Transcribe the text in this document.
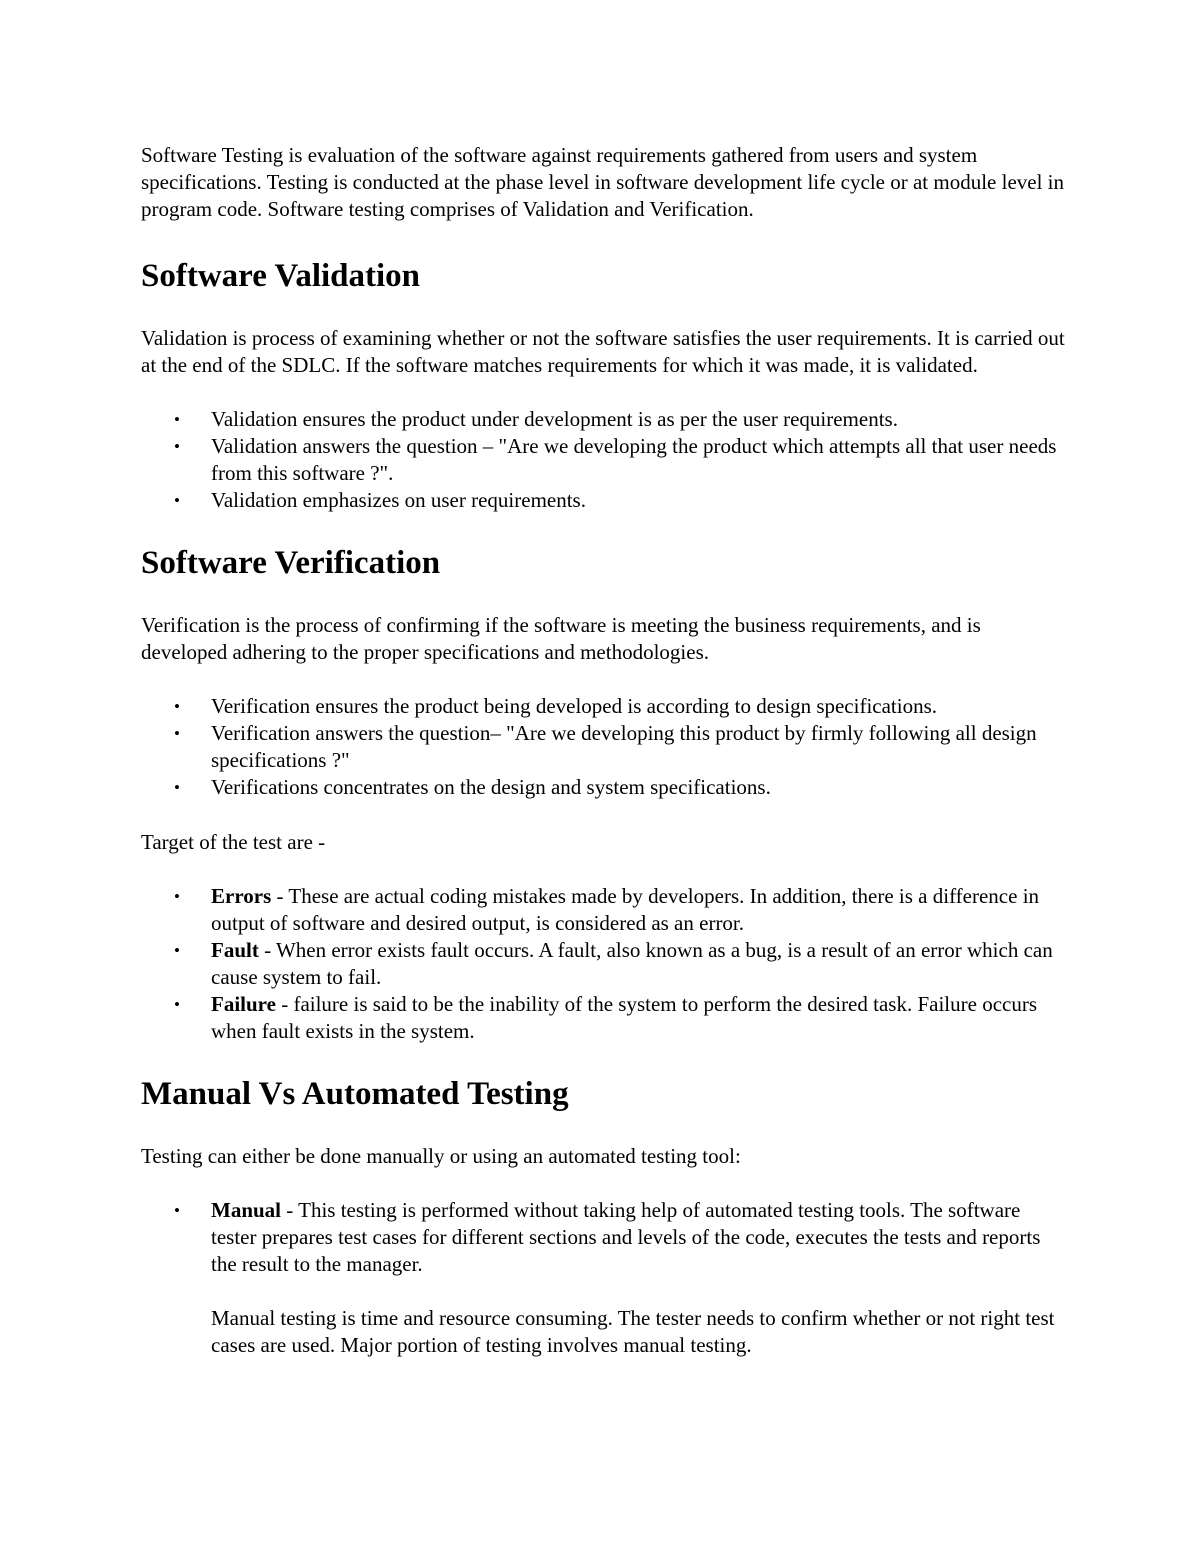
Software Testing is evaluation of the software against requirements gathered from users and system specifications. Testing is conducted at the phase level in software development life cycle or at module level in program code. Software testing comprises of Validation and Verification.

Software Validation

Validation is process of examining whether or not the software satisfies the user requirements. It is carried out at the end of the SDLC. If the software matches requirements for which it was made, it is validated.

•	Validation ensures the product under development is as per the user requirements.
•	Validation answers the question – "Are we developing the product which attempts all that user needs from this software ?".
•	Validation emphasizes on user requirements.
Software Verification

Verification is the process of confirming if the software is meeting the business requirements, and is developed adhering to the proper specifications and methodologies.

•	Verification ensures the product being developed is according to design specifications.
•	Verification answers the question– "Are we developing this product by firmly following all design specifications ?"
•	Verifications concentrates on the design and system specifications.

Target of the test are -

•	Errors - These are actual coding mistakes made by developers. In addition, there is a difference in output of software and desired output, is considered as an error.
•	Fault - When error exists fault occurs. A fault, also known as a bug, is a result of an error which can cause system to fail.
•	Failure - failure is said to be the inability of the system to perform the desired task. Failure occurs when fault exists in the system.
Manual Vs Automated Testing

Testing can either be done manually or using an automated testing tool:

•	Manual - This testing is performed without taking help of automated testing tools. The software tester prepares test cases for different sections and levels of the code, executes the tests and reports the result to the manager.
Manual testing is time and resource consuming. The tester needs to confirm whether or not right test cases are used. Major portion of testing involves manual testing.
